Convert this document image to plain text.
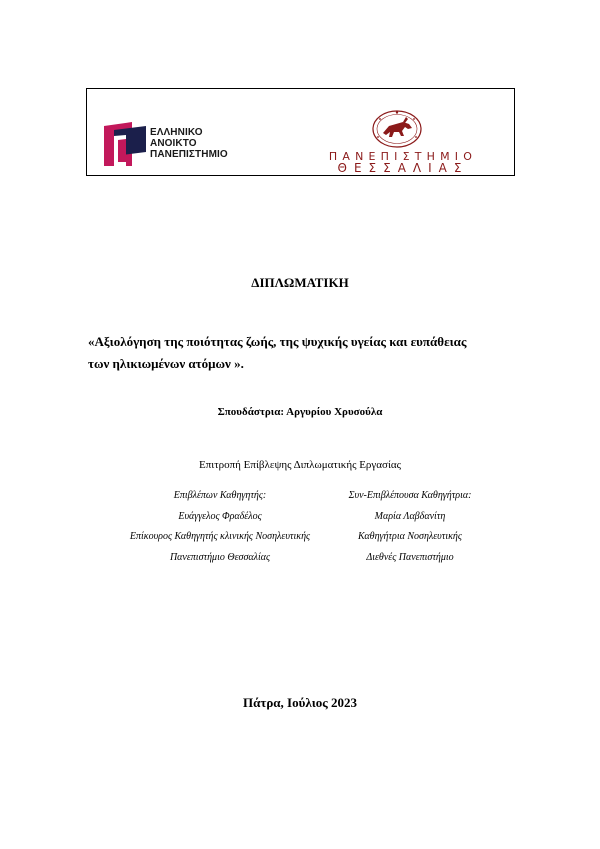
ΕΛΛΗΝΙΚΟ
ΑΝΟΙΚΤΟ
ΠΑΝΕΠΙΣΤΗΜΙΟ	ΠΑΝΕΠΙΣΤΗΜΙΟ
ΘΕΣΣΑΛΙΑΣ
ΔΙΠΛΩΜΑΤΙΚΗ
«Αξιολόγηση της ποιότητας ζωής, της ψυχικής υγείας και ευπάθειας
των ηλικιωμένων ατόμων ».
Σπουδάστρια: Αργυρίου Χρυσούλα
Επιτροπή Επίβλεψης Διπλωματικής Εργασίας
Επιβλέπων Καθηγητής:
Ευάγγελος Φραδέλος
Επίκουρος Καθηγητής κλινικής Νοσηλευτικής
Πανεπιστήμιο Θεσσαλίας
Συν-Επιβλέπουσα Καθηγήτρια:
Μαρία Λαβδανίτη
Καθηγήτρια Νοσηλευτικής
Διεθνές Πανεπιστήμιο
Πάτρα, Ιούλιος 2023
